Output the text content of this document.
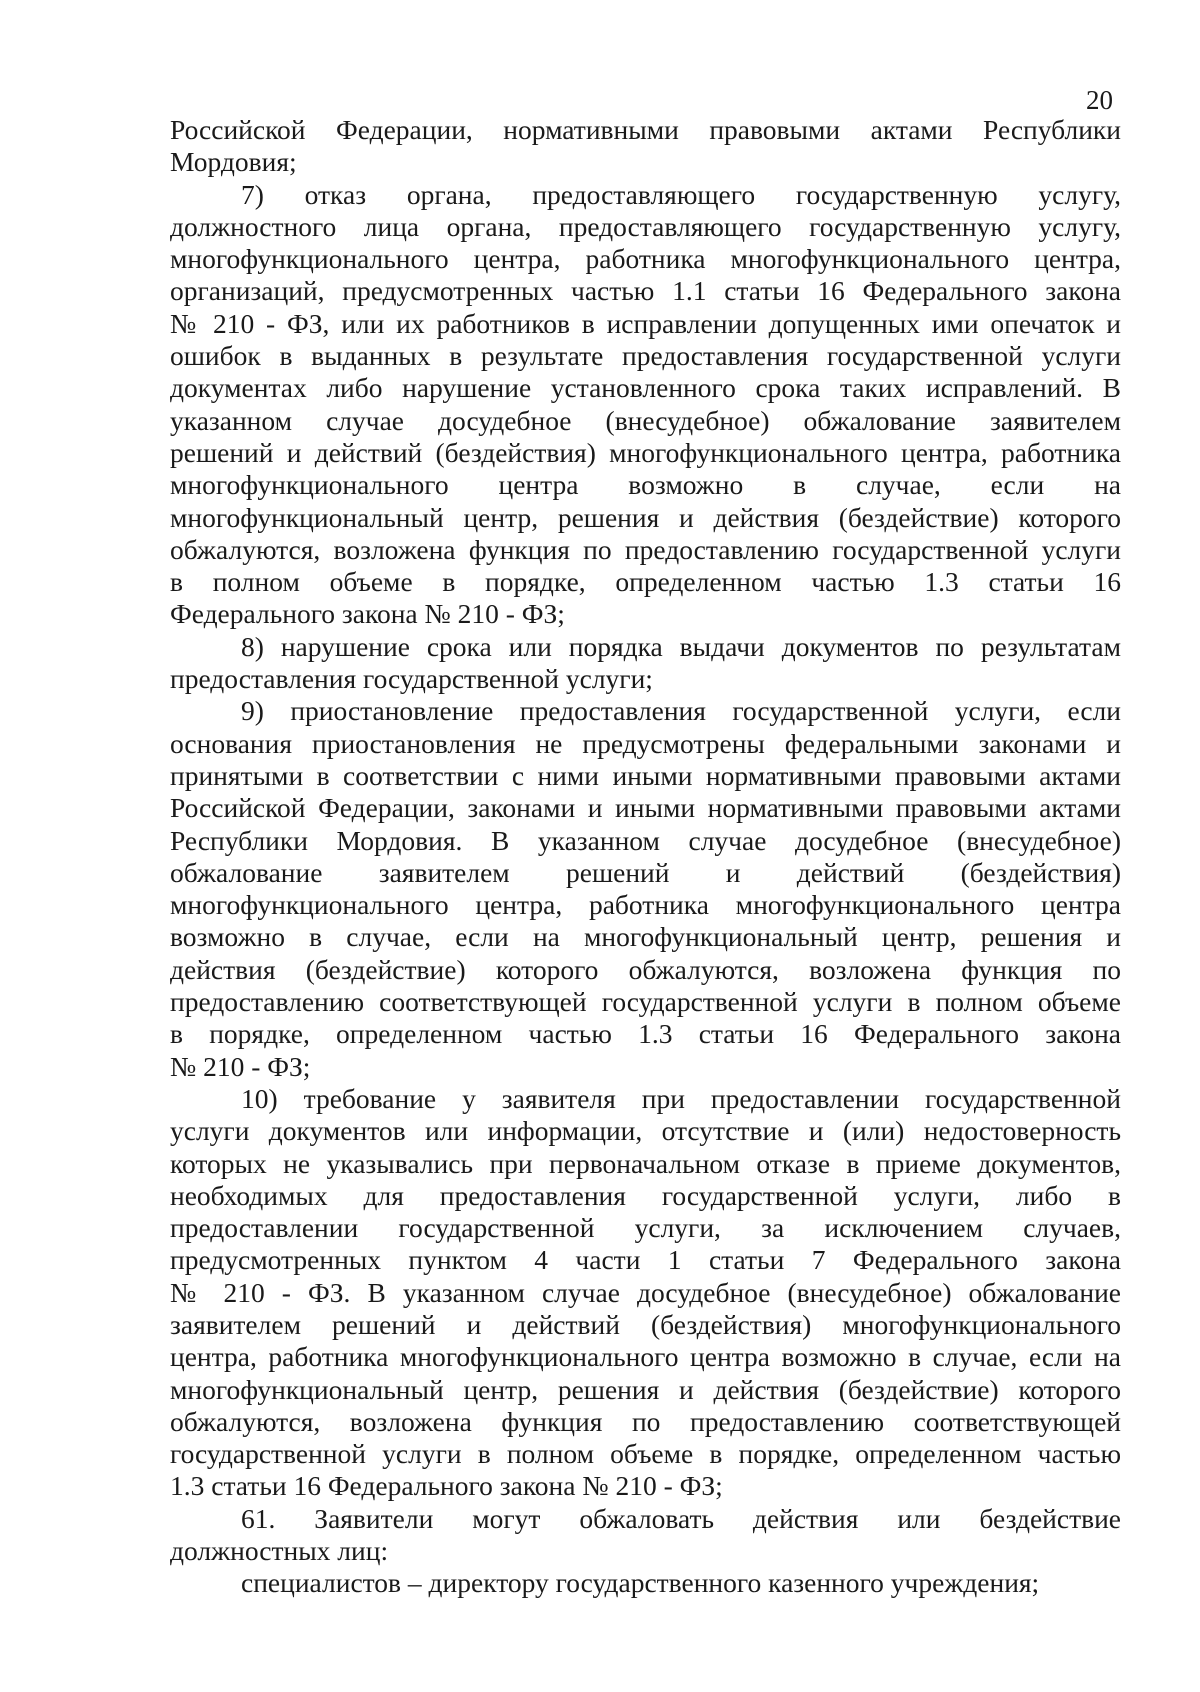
20
Российской Федерации, нормативными правовыми актами Республики
Мордовия;
7) отказ органа, предоставляющего государственную услугу,
должностного лица органа, предоставляющего государственную услугу,
многофункционального центра, работника многофункционального центра,
организаций, предусмотренных частью 1.1 статьи 16 Федерального закона
№ 210 - ФЗ, или их работников в исправлении допущенных ими опечаток и
ошибок в выданных в результате предоставления государственной услуги
документах либо нарушение установленного срока таких исправлений. В
указанном случае досудебное (внесудебное) обжалование заявителем
решений и действий (бездействия) многофункционального центра, работника
многофункционального центра возможно в случае, если на
многофункциональный центр, решения и действия (бездействие) которого
обжалуются, возложена функция по предоставлению государственной услуги
в полном объеме в порядке, определенном частью 1.3 статьи 16
Федерального закона № 210 - ФЗ;
8) нарушение срока или порядка выдачи документов по результатам
предоставления государственной услуги;
9) приостановление предоставления государственной услуги, если
основания приостановления не предусмотрены федеральными законами и
принятыми в соответствии с ними иными нормативными правовыми актами
Российской Федерации, законами и иными нормативными правовыми актами
Республики Мордовия. В указанном случае досудебное (внесудебное)
обжалование заявителем решений и действий (бездействия)
многофункционального центра, работника многофункционального центра
возможно в случае, если на многофункциональный центр, решения и
действия (бездействие) которого обжалуются, возложена функция по
предоставлению соответствующей государственной услуги в полном объеме
в порядке, определенном частью 1.3 статьи 16 Федерального закона
№ 210 - ФЗ;
10) требование у заявителя при предоставлении государственной
услуги документов или информации, отсутствие и (или) недостоверность
которых не указывались при первоначальном отказе в приеме документов,
необходимых для предоставления государственной услуги, либо в
предоставлении государственной услуги, за исключением случаев,
предусмотренных пунктом 4 части 1 статьи 7 Федерального закона
№ 210 - ФЗ. В указанном случае досудебное (внесудебное) обжалование
заявителем решений и действий (бездействия) многофункционального
центра, работника многофункционального центра возможно в случае, если на
многофункциональный центр, решения и действия (бездействие) которого
обжалуются, возложена функция по предоставлению соответствующей
государственной услуги в полном объеме в порядке, определенном частью
1.3 статьи 16 Федерального закона № 210 - ФЗ;
61. Заявители могут обжаловать действия или бездействие
должностных лиц:
специалистов – директору государственного казенного учреждения;
